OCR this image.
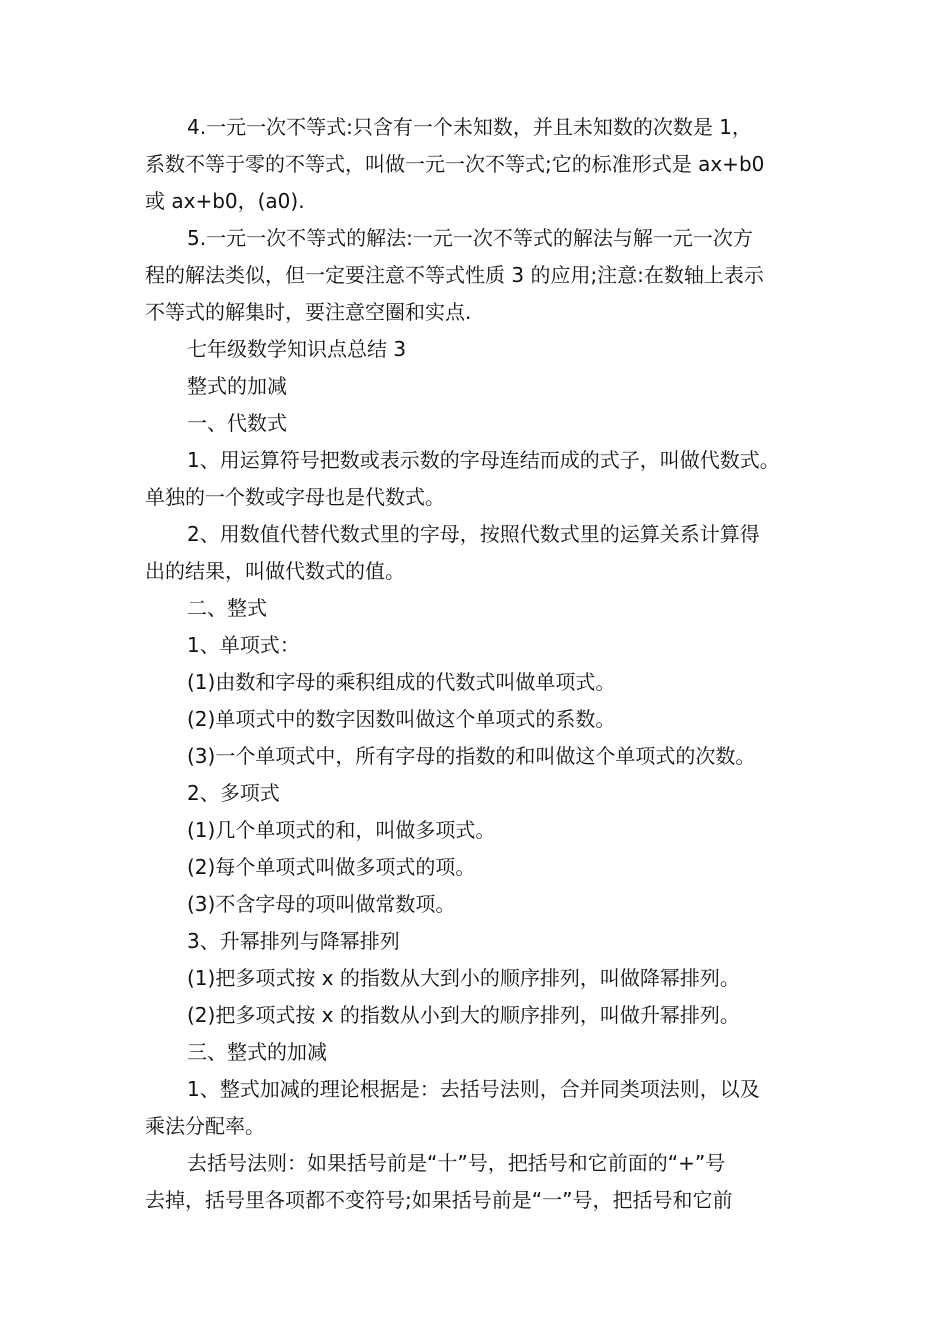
4.一元一次不等式:只含有一个未知数，并且未知数的次数是 1，

系数不等于零的不等式，叫做一元一次不等式;它的标准形式是 ax+b0

或 ax+b0，(a0).

5.一元一次不等式的解法:一元一次不等式的解法与解一元一次方

程的解法类似，但一定要注意不等式性质 3 的应用;注意:在数轴上表示

不等式的解集时，要注意空圈和实点.

七年级数学知识点总结 3

整式的加减

一、代数式

1、用运算符号把数或表示数的字母连结而成的式子，叫做代数式。

单独的一个数或字母也是代数式。

2、用数值代替代数式里的字母，按照代数式里的运算关系计算得

出的结果，叫做代数式的值。

二、整式

1、单项式：

(1)由数和字母的乘积组成的代数式叫做单项式。

(2)单项式中的数字因数叫做这个单项式的系数。

(3)一个单项式中，所有字母的指数的和叫做这个单项式的次数。

2、多项式

(1)几个单项式的和，叫做多项式。

(2)每个单项式叫做多项式的项。

(3)不含字母的项叫做常数项。

3、升幂排列与降幂排列

(1)把多项式按 x 的指数从大到小的顺序排列，叫做降幂排列。

(2)把多项式按 x 的指数从小到大的顺序排列，叫做升幂排列。

三、整式的加减

1、整式加减的理论根据是：去括号法则，合并同类项法则，以及

乘法分配率。

去括号法则：如果括号前是“十”号，把括号和它前面的“+”号

去掉，括号里各项都不变符号;如果括号前是“一”号，把括号和它前
